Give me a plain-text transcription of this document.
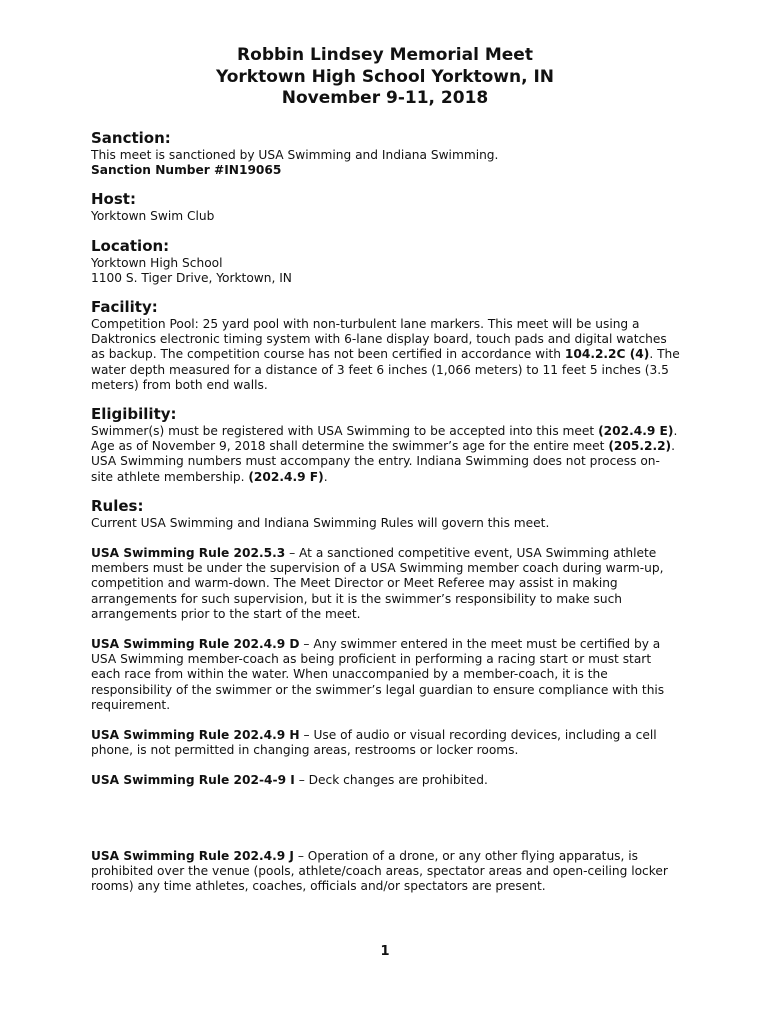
Robbin Lindsey Memorial Meet
Yorktown High School Yorktown, IN
November 9-11, 2018
Sanction:

This meet is sanctioned by USA Swimming and Indiana Swimming.

Sanction Number #IN19065

Host:

Yorktown Swim Club

Location:

Yorktown High School

1100 S. Tiger Drive, Yorktown, IN

Facility:

Competition Pool: 25 yard pool with non-turbulent lane markers. This meet will be using a Daktronics electronic timing system with 6-lane display board, touch pads and digital watches as backup. The competition course has not been certified in accordance with 104.2.2C (4). The water depth measured for a distance of 3 feet 6 inches (1,066 meters) to 11 feet 5 inches (3.5 meters) from both end walls.

Eligibility:

Swimmer(s) must be registered with USA Swimming to be accepted into this meet (202.4.9 E). Age as of November 9, 2018 shall determine the swimmer’s age for the entire meet (205.2.2). USA Swimming numbers must accompany the entry. Indiana Swimming does not process on-site athlete membership. (202.4.9 F).

Rules:

Current USA Swimming and Indiana Swimming Rules will govern this meet.

USA Swimming Rule 202.5.3 – At a sanctioned competitive event, USA Swimming athlete members must be under the supervision of a USA Swimming member coach during warm-up, competition and warm-down. The Meet Director or Meet Referee may assist in making arrangements for such supervision, but it is the swimmer’s responsibility to make such arrangements prior to the start of the meet.

USA Swimming Rule 202.4.9 D – Any swimmer entered in the meet must be certified by a USA Swimming member-coach as being proficient in performing a racing start or must start each race from within the water. When unaccompanied by a member-coach, it is the responsibility of the swimmer or the swimmer’s legal guardian to ensure compliance with this requirement.

USA Swimming Rule 202.4.9 H – Use of audio or visual recording devices, including a cell phone, is not permitted in changing areas, restrooms or locker rooms.

USA Swimming Rule 202-4-9 I – Deck changes are prohibited.

USA Swimming Rule 202.4.9 J – Operation of a drone, or any other flying apparatus, is prohibited over the venue (pools, athlete/coach areas, spectator areas and open-ceiling locker rooms) any time athletes, coaches, officials and/or spectators are present.

1
